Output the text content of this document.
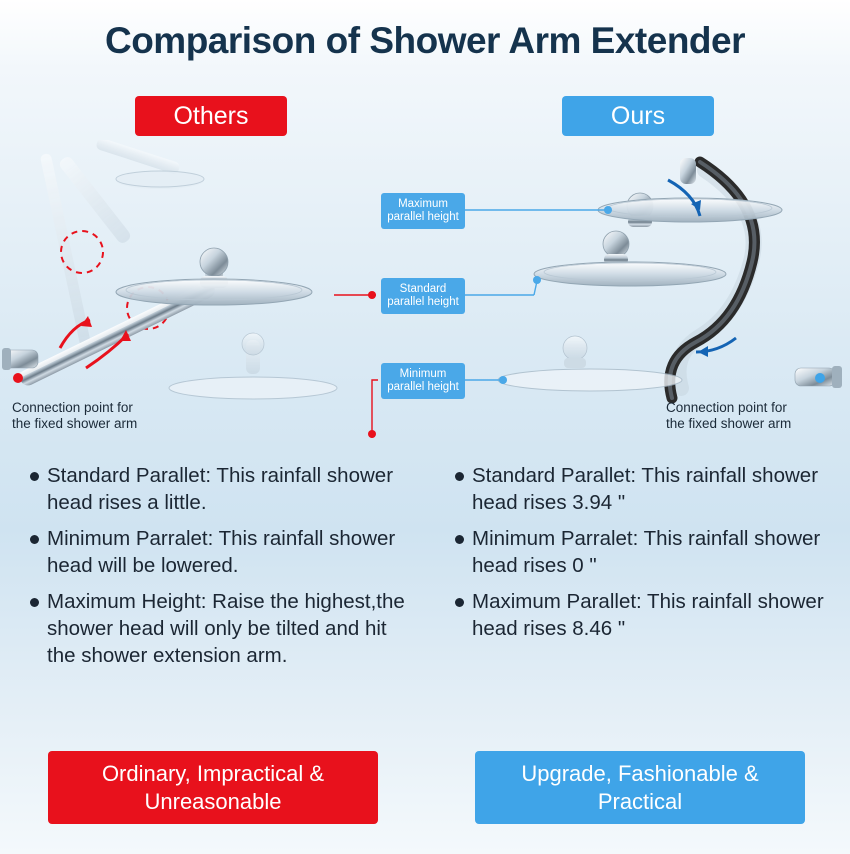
Comparison of Shower Arm Extender
Others	Ours
Maximum
parallel height
Standard
parallel height
Minimum
parallel height
Connection point for
the fixed shower arm
Connection point for
the fixed shower arm
Standard Parallet: This rainfall shower head rises a little.
Minimum Parralet: This rainfall shower head will be lowered.
Maximum Height: Raise the highest,the shower head will only be tilted and hit the shower extension arm.
Standard Parallet: This rainfall shower head rises 3.94 "
Minimum Parralet: This rainfall shower head rises 0 "
Maximum Parallet: This rainfall shower head rises 8.46 "
Ordinary, Impractical &
Unreasonable
Upgrade, Fashionable &
Practical
